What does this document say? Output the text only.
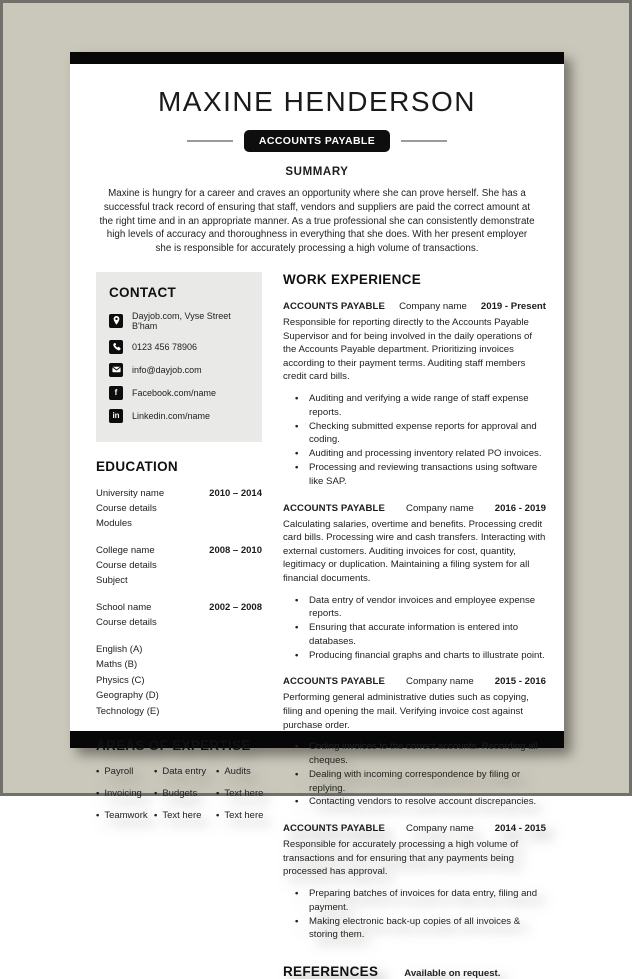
MAXINE HENDERSON
ACCOUNTS PAYABLE
SUMMARY
Maxine is hungry for a career and craves an opportunity where she can prove herself. She has a successful track record of ensuring that staff, vendors and suppliers are paid the correct amount at the right time and in an appropriate manner. As a true professional she can consistently demonstrate high levels of accuracy and thoroughness in everything that she does. With her present employer she is responsible for accurately processing a high volume of transactions.
CONTACT
Dayjob.com, Vyse Street B'ham
0123 456 78906
info@dayjob.com
f	Facebook.com/name
in	Linkedin.com/name
EDUCATION
University name	2010 – 2014
Course details
Modules
College name	2008 – 2010
Course details
Subject
School name	2002 – 2008
Course details
English (A)
Maths (B)
Physics (C)
Geography (D)
Technology (E)
AREAS OF EXPERTISE
• Payroll	• Data entry	• Audits
• Invoicing	• Budgets	• Text here
• Teamwork	• Text here	• Text here
WORK EXPERIENCE
ACCOUNTS PAYABLE Company name 2019 - Present
Responsible for reporting directly to the Accounts Payable Supervisor and for being involved in the daily operations of the Accounts Payable department. Prioritizing invoices according to their payment terms. Auditing staff members credit card bills.
• Auditing and verifying a wide range of staff expense reports.
• Checking submitted expense reports for approval and coding.
• Auditing and processing inventory related PO invoices.
• Processing and reviewing transactions using software like SAP.
ACCOUNTS PAYABLE Company name 2016 - 2019
Calculating salaries, overtime and benefits. Processing credit card bills. Processing wire and cash transfers. Interacting with external customers. Auditing invoices for cost, quantity, legitimacy or duplication. Maintaining a filing system for all financial documents.
• Data entry of vendor invoices and employee expense reports.
• Ensuring that accurate information is entered into databases.
• Producing financial graphs and charts to illustrate point.
ACCOUNTS PAYABLE Company name 2015 - 2016
Performing general administrative duties such as copying, filing and opening the mail. Verifying invoice cost against purchase order.
• Coding invoices to the correct accounts. Recording all cheques.
• Dealing with incoming correspondence by filing or replying.
• Contacting vendors to resolve account discrepancies.
ACCOUNTS PAYABLE Company name 2014 - 2015
Responsible for accurately processing a high volume of transactions and for ensuring that any payments being processed has approval.
• Preparing batches of invoices for data entry, filing and payment.
• Making electronic back-up copies of all invoices & storing them.
REFERENCES	Available on request.
